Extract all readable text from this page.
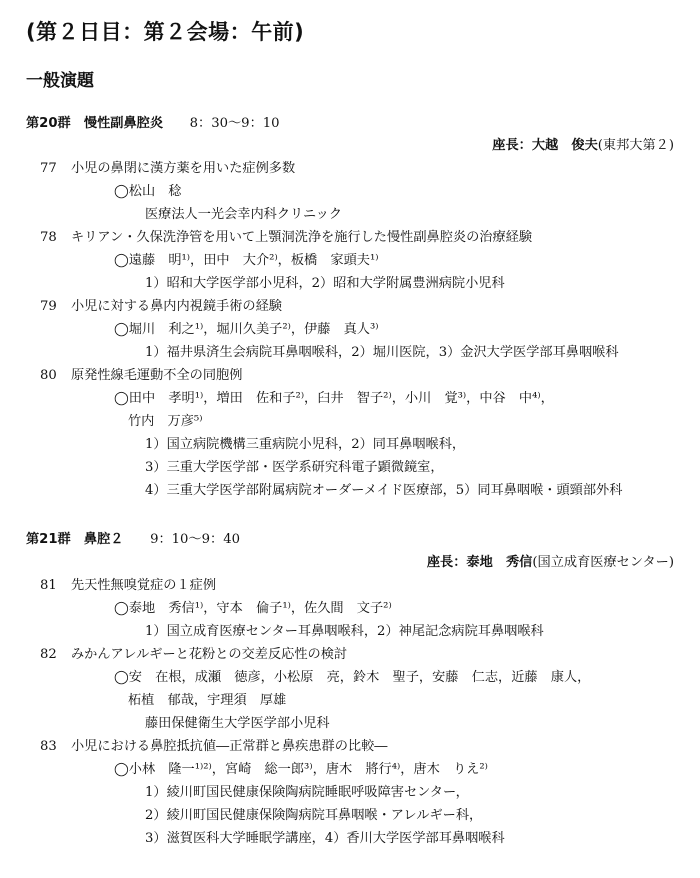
(第２日目：第２会場：午前)
一般演題
第20群　慢性副鼻腔炎 8：30〜9：10
座長：大越　俊夫(東邦大第２)
77 小児の鼻閉に漢方薬を用いた症例多数
◯松山　稔
医療法人一光会幸内科クリニック
78 キリアン・久保洗浄管を用いて上顎洞洗浄を施行した慢性副鼻腔炎の治療経験
◯遠藤　明¹⁾，田中　大介²⁾，板橋　家頭夫¹⁾
1）昭和大学医学部小児科，2）昭和大学附属豊洲病院小児科
79 小児に対する鼻内内視鏡手術の経験
◯堀川　利之¹⁾，堀川久美子²⁾，伊藤　真人³⁾
1）福井県済生会病院耳鼻咽喉科，2）堀川医院，3）金沢大学医学部耳鼻咽喉科
80 原発性線毛運動不全の同胞例
◯田中　孝明¹⁾，増田　佐和子²⁾，臼井　智子²⁾，小川　覚³⁾，中谷　中⁴⁾，
竹内　万彦⁵⁾
1）国立病院機構三重病院小児科，2）同耳鼻咽喉科，
3）三重大学医学部・医学系研究科電子顕微鏡室，
4）三重大学医学部附属病院オーダーメイド医療部，5）同耳鼻咽喉・頭頸部外科
第21群　鼻腔２ 9：10〜9：40
座長：泰地　秀信(国立成育医療センター)
81 先天性無嗅覚症の１症例
◯泰地　秀信¹⁾，守本　倫子¹⁾，佐久間　文子²⁾
1）国立成育医療センター耳鼻咽喉科，2）神尾記念病院耳鼻咽喉科
82 みかんアレルギーと花粉との交差反応性の検討
◯安　在根，成瀬　徳彦，小松原　亮，鈴木　聖子，安藤　仁志，近藤　康人，
柘植　郁哉，宇理須　厚雄
藤田保健衛生大学医学部小児科
83 小児における鼻腔抵抗値―正常群と鼻疾患群の比較―
◯小林　隆一¹⁾²⁾，宮崎　総一郎³⁾，唐木　將行⁴⁾，唐木　りえ²⁾
1）綾川町国民健康保険陶病院睡眠呼吸障害センター，
2）綾川町国民健康保険陶病院耳鼻咽喉・アレルギー科，
3）滋賀医科大学睡眠学講座，4）香川大学医学部耳鼻咽喉科
